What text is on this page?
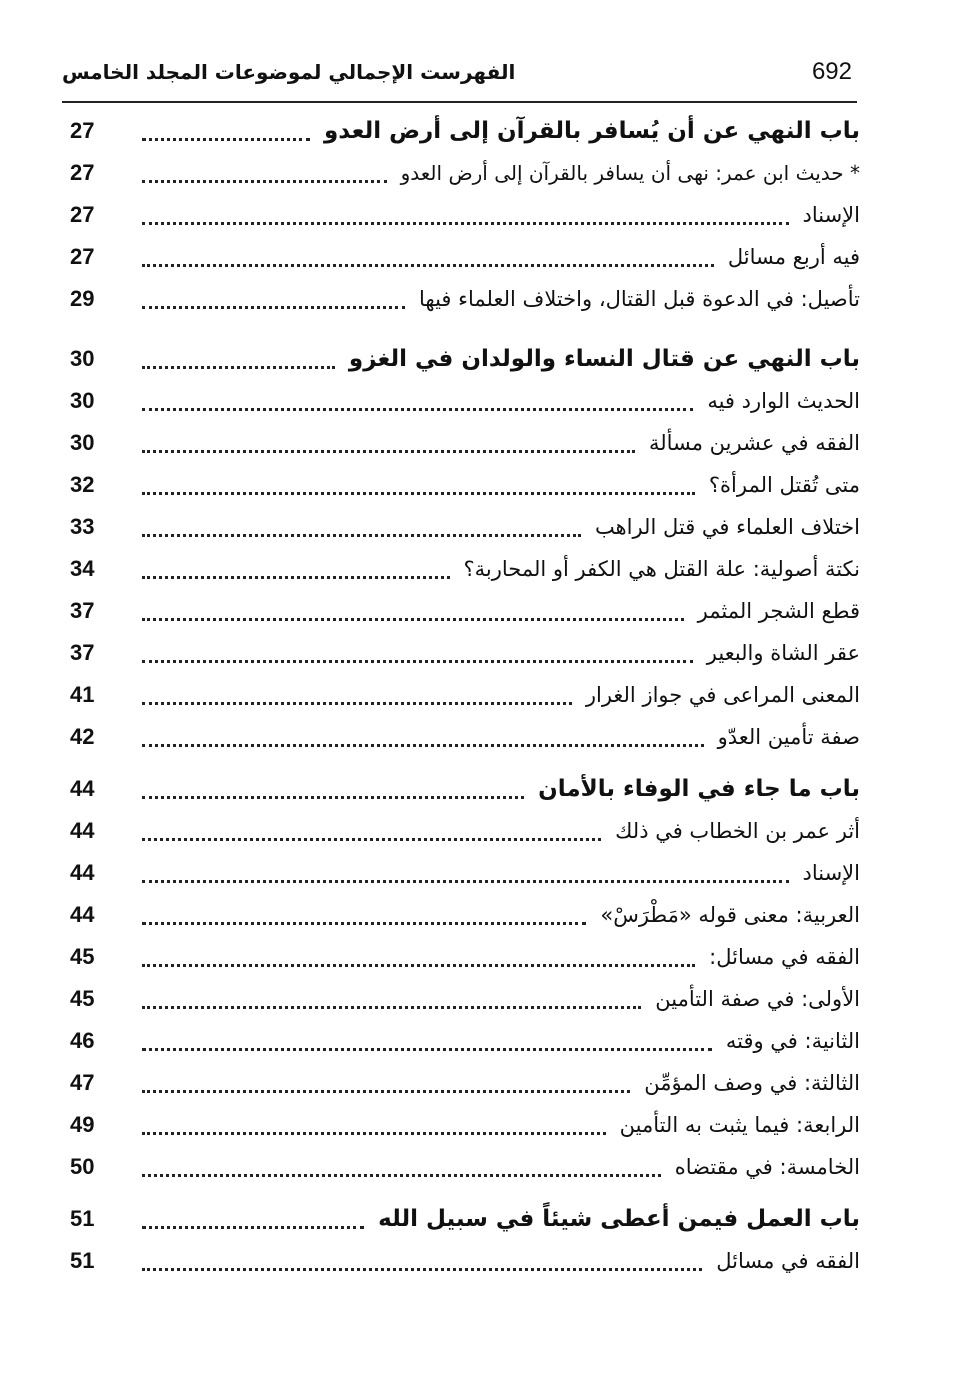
692
الفهرست الإجمالي لموضوعات المجلد الخامس
باب النهي عن أن يُسافر بالقرآن إلى أرض العدو
27
* حديث ابن عمر: نهى أن يسافر بالقرآن إلى أرض العدو
27
الإسناد
27
فيه أربع مسائل
27
تأصيل: في الدعوة قبل القتال، واختلاف العلماء فيها
29
باب النهي عن قتال النساء والولدان في الغزو
30
الحديث الوارد فيه
30
الفقه في عشرين مسألة
30
متى تُقتل المرأة؟
32
اختلاف العلماء في قتل الراهب
33
نكتة أصولية: علة القتل هي الكفر أو المحاربة؟
34
قطع الشجر المثمر
37
عقر الشاة والبعير
37
المعنى المراعى في جواز الغرار
41
صفة تأمين العدّو
42
باب ما جاء في الوفاء بالأمان
44
أثر عمر بن الخطاب في ذلك
44
الإسناد
44
العربية: معنى قوله «مَطْرَسْ»
44
الفقه في مسائل:
45
الأولى: في صفة التأمين
45
الثانية: في وقته
46
الثالثة: في وصف المؤمِّن
47
الرابعة: فيما يثبت به التأمين
49
الخامسة: في مقتضاه
50
باب العمل فيمن أعطى شيئاً في سبيل الله
51
الفقه في مسائل
51
